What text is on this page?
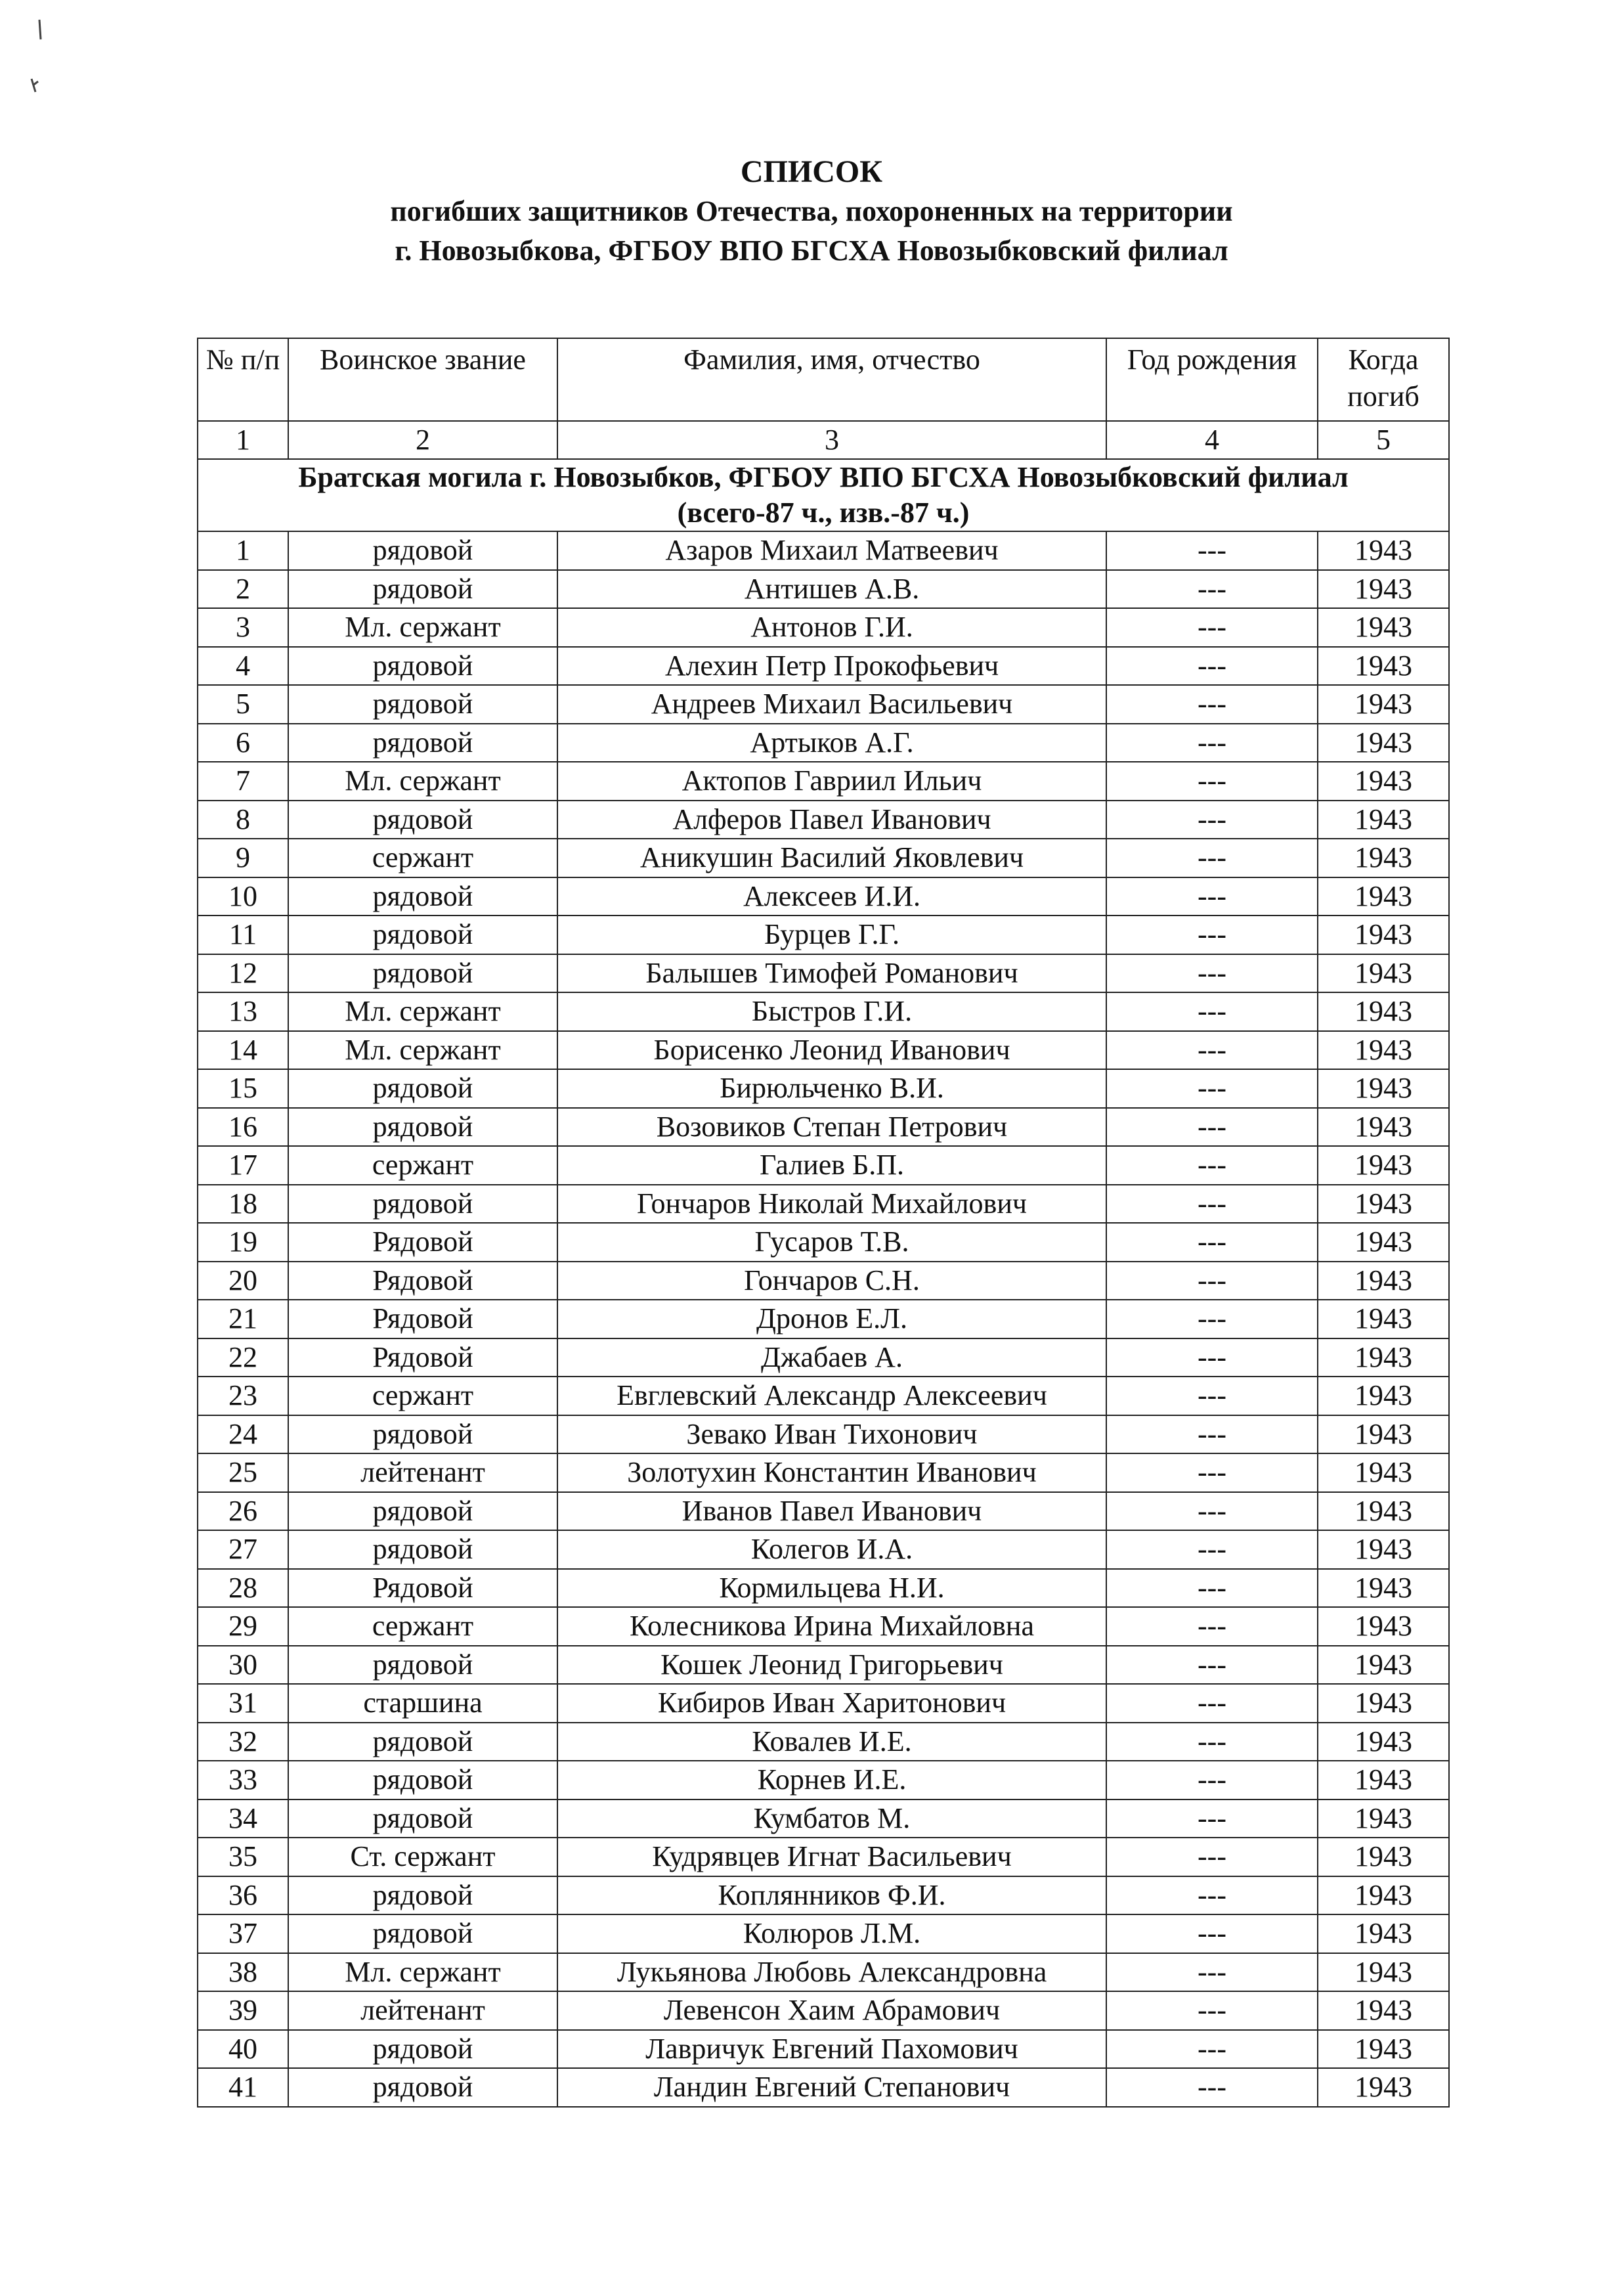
СПИСОК
погибших защитников Отечества, похороненных на территории
г. Новозыбкова, ФГБОУ ВПО БГСХА Новозыбковский филиал
№ п/п	Воинское звание	Фамилия, имя, отчество	Год рождения	Когда погиб
1	2	3	4	5

Братская могила г. Новозыбков, ФГБОУ ВПО БГСХА Новозыбковский филиал
(всего-87 ч., изв.-87 ч.)				

1	рядовой	Азаров Михаил Матвеевич	---	1943
2	рядовой	Антишев А.В.	---	1943
3	Мл. сержант	Антонов Г.И.	---	1943
4	рядовой	Алехин Петр Прокофьевич	---	1943
5	рядовой	Андреев Михаил Васильевич	---	1943
6	рядовой	Артыков А.Г.	---	1943
7	Мл. сержант	Актопов Гавриил Ильич	---	1943
8	рядовой	Алферов Павел Иванович	---	1943
9	сержант	Аникушин Василий Яковлевич	---	1943
10	рядовой	Алексеев И.И.	---	1943
11	рядовой	Бурцев Г.Г.	---	1943
12	рядовой	Балышев Тимофей Романович	---	1943
13	Мл. сержант	Быстров Г.И.	---	1943
14	Мл. сержант	Борисенко Леонид Иванович	---	1943
15	рядовой	Бирюльченко В.И.	---	1943
16	рядовой	Возовиков Степан Петрович	---	1943
17	сержант	Галиев Б.П.	---	1943
18	рядовой	Гончаров Николай Михайлович	---	1943
19	Рядовой	Гусаров Т.В.	---	1943
20	Рядовой	Гончаров С.Н.	---	1943
21	Рядовой	Дронов Е.Л.	---	1943
22	Рядовой	Джабаев А.	---	1943
23	сержант	Евглевский Александр Алексеевич	---	1943
24	рядовой	Зевако Иван Тихонович	---	1943
25	лейтенант	Золотухин Константин Иванович	---	1943
26	рядовой	Иванов Павел Иванович	---	1943
27	рядовой	Колегов И.А.	---	1943
28	Рядовой	Кормильцева Н.И.	---	1943
29	сержант	Колесникова Ирина Михайловна	---	1943
30	рядовой	Кошек Леонид Григорьевич	---	1943
31	старшина	Кибиров Иван Харитонович	---	1943
32	рядовой	Ковалев И.Е.	---	1943
33	рядовой	Корнев И.Е.	---	1943
34	рядовой	Кумбатов М.	---	1943
35	Ст. сержант	Кудрявцев Игнат Васильевич	---	1943
36	рядовой	Коплянников Ф.И.	---	1943
37	рядовой	Колюров Л.М.	---	1943
38	Мл. сержант	Лукьянова Любовь Александровна	---	1943
39	лейтенант	Левенсон Хаим Абрамович	---	1943
40	рядовой	Лавричук Евгений Пахомович	---	1943
41	рядовой	Ландин Евгений Степанович	---	1943
